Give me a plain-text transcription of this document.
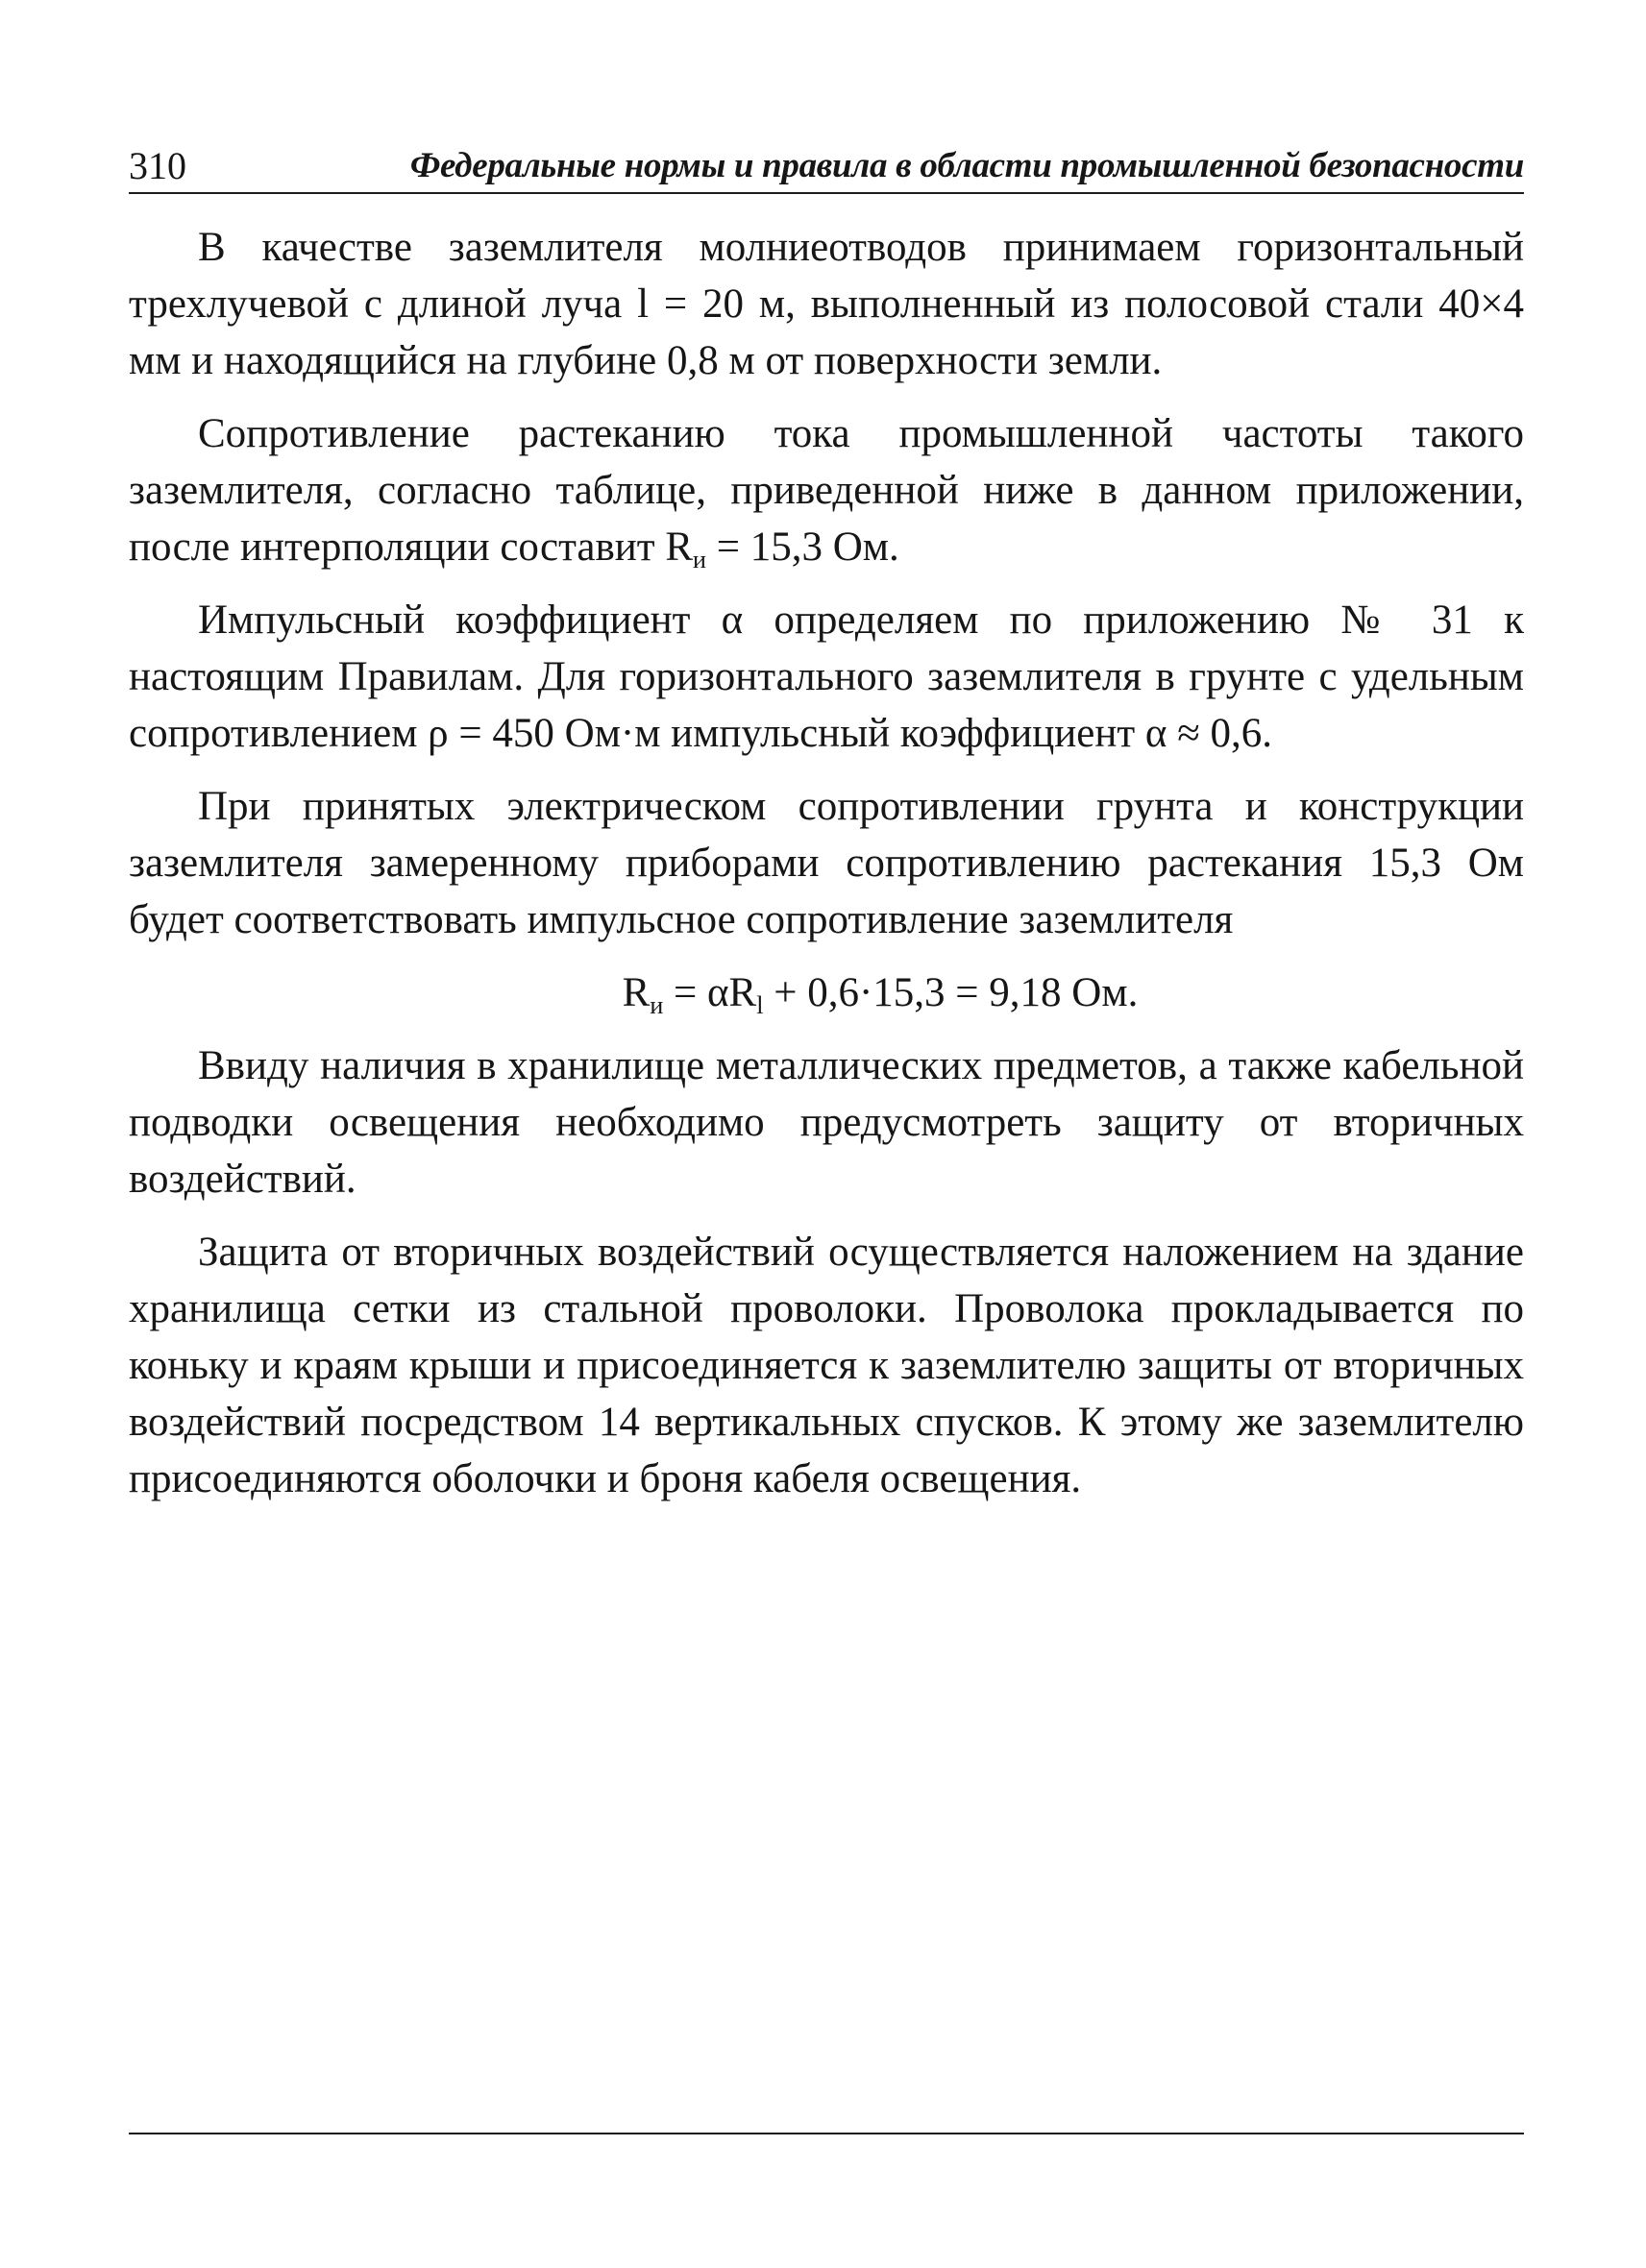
310	Федеральные нормы и правила в области промышленной безопасности

В качестве заземлителя молниеотводов принимаем горизонтальный трехлучевой с длиной луча l = 20 м, выполненный из полосовой стали 40×4 мм и находящийся на глубине 0,8 м от поверхности земли.

Сопротивление растеканию тока промышленной частоты такого заземлителя, согласно таблице, приведенной ниже в данном приложении, после интерполяции составит $R_и = 15,3$ Ом.

Импульсный коэффициент α определяем по приложению № 31 к настоящим Правилам. Для горизонтального заземлителя в грунте с удельным сопротивлением ρ = 450 Ом·м импульсный коэффициент α ≈ 0,6.

При принятых электрическом сопротивлении грунта и конструкции заземлителя замеренному приборами сопротивлению растекания 15,3 Ом будет соответствовать импульсное сопротивление заземлителя

$R_и = \alpha R_l + 0,6\cdot 15,3 = 9,18$ Ом.

Ввиду наличия в хранилище металлических предметов, а также кабельной подводки освещения необходимо предусмотреть защиту от вторичных воздействий.

Защита от вторичных воздействий осуществляется наложением на здание хранилища сетки из стальной проволоки. Проволока прокладывается по коньку и краям крыши и присоединяется к заземлителю защиты от вторичных воздействий посредством 14 вертикальных спусков. К этому же заземлителю присоединяются оболочки и броня кабеля освещения.
